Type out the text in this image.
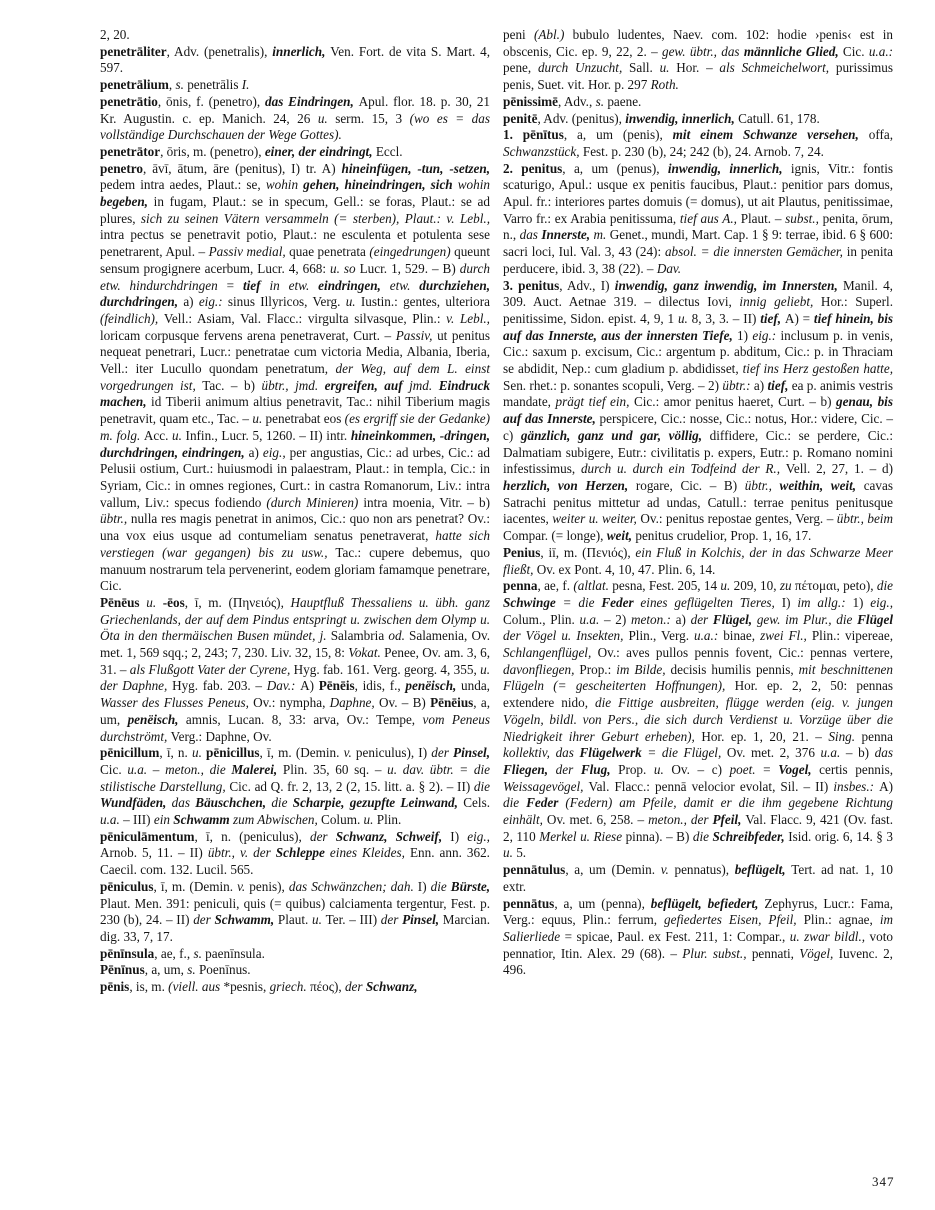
2, 20.

penetrāliter, Adv. (penetralis), innerlich, Ven. Fort. de vita S. Mart. 4, 597.

penetrālium, s. penetrālis I.

penetrātio, ōnis, f. (penetro), das Eindringen, Apul. flor. 18. p. 30, 21 Kr. Augustin. c. ep. Manich. 24, 26 u. serm. 15, 3 (wo es = das vollständige Durchschauen der Wege Gottes).

penetrātor, ōris, m. (penetro), einer, der eindringt, Eccl.

penetro, āvī, ātum, āre (penitus), I) tr. A) hineinfügen, -tun, -setzen, pedem intra aedes, Plaut.: se, wohin gehen, hineindringen, sich wohin begeben, in fugam, Plaut.: se in specum, Gell.: se foras, Plaut.: se ad plures, sich zu seinen Vätern versammeln (= sterben), Plaut.: v. Lebl., intra pectus se penetravit potio, Plaut.: ne esculenta et potulenta sese penetrarent, Apul. – Passiv medial, quae penetrata (eingedrungen) queunt sensum progignere acerbum, Lucr. 4, 668: u. so Lucr. 1, 529. – B) durch etw. hindurchdringen = tief in etw. eindringen, etw. durchziehen, durchdringen, a) eig.: sinus Illyricos, Verg. u. Iustin.: gentes, ulteriora (feindlich), Vell.: Asiam, Val. Flacc.: virgulta silvasque, Plin.: v. Lebl., loricam corpusque fervens arena penetraverat, Curt. – Passiv, ut penitus nequeat penetrari, Lucr.: penetratae cum victoria Media, Albania, Iberia, Vell.: iter Lucullo quondam penetratum, der Weg, auf dem L. einst vorgedrungen ist, Tac. – b) übtr., jmd. ergreifen, auf jmd. Eindruck machen, id Tiberii animum altius penetravit, Tac.: nihil Tiberium magis penetravit, quam etc., Tac. – u. penetrabat eos (es ergriff sie der Gedanke) m. folg. Acc. u. Infin., Lucr. 5, 1260. – II) intr. hineinkommen, -dringen, durchdringen, eindringen, a) eig., per angustias, Cic.: ad urbes, Cic.: ad Pelusii ostium, Curt.: huiusmodi in palaestram, Plaut.: in templa, Cic.: in Syriam, Cic.: in omnes regiones, Curt.: in castra Romanorum, Liv.: intra vallum, Liv.: specus fodiendo (durch Minieren) intra moenia, Vitr. – b) übtr., nulla res magis penetrat in animos, Cic.: quo non ars penetrat? Ov.: una vox eius usque ad contumeliam senatus penetraverat, hatte sich verstiegen (war gegangen) bis zu usw., Tac.: cupere debemus, quo manuum nostrarum tela pervenerint, eodem gloriam famamque penetrare, Cic.

Pēnēus u. -ēos, ī, m. (Πηνειός), Hauptfluß Thessaliens u. übh. ganz Griechenlands, der auf dem Pindus entspringt u. zwischen dem Olymp u. Öta in den thermäischen Busen mündet, j. Salambria od. Salamenia, Ov. met. 1, 569 sqq.; 2, 243; 7, 230. Liv. 32, 15, 8: Vokat. Penee, Ov. am. 3, 6, 31. – als Flußgott Vater der Cyrene, Hyg. fab. 161. Verg. georg. 4, 355, u. der Daphne, Hyg. fab. 203. – Dav.: A) Pēnēis, idis, f., penëisch, unda, Wasser des Flusses Peneus, Ov.: nympha, Daphne, Ov. – B) Pēnēius, a, um, penëisch, amnis, Lucan. 8, 33: arva, Ov.: Tempe, vom Peneus durchströmt, Verg.: Daphne, Ov.

pēnicillum, ī, n. u. pēnicillus, ī, m. (Demin. v. peniculus), I) der Pinsel, Cic. u.a. – meton., die Malerei, Plin. 35, 60 sq. – u. dav. übtr. = die stilistische Darstellung, Cic. ad Q. fr. 2, 13, 2 (2, 15. litt. a. § 2). – II) die Wundfäden, das Bäuschchen, die Scharpie, gezupfte Leinwand, Cels. u.a. – III) ein Schwamm zum Abwischen, Colum. u. Plin.

pēniculāmentum, ī, n. (peniculus), der Schwanz, Schweif, I) eig., Arnob. 5, 11. – II) übtr., v. der Schleppe eines Kleides, Enn. ann. 362. Caecil. com. 132. Lucil. 565.

pēniculus, ī, m. (Demin. v. penis), das Schwänzchen; dah. I) die Bürste, Plaut. Men. 391: peniculi, quis (= quibus) calciamenta tergentur, Fest. p. 230 (b), 24. – II) der Schwamm, Plaut. u. Ter. – III) der Pinsel, Marcian. dig. 33, 7, 17.

pēnīnsula, ae, f., s. paenīnsula.

Pēnīnus, a, um, s. Poenīnus.

pēnis, is, m. (viell. aus *pesnis, griech. πέος), der Schwanz,

peni (Abl.) bubulo ludentes, Naev. com. 102: hodie ›penis‹ est in obscenis, Cic. ep. 9, 22, 2. – gew. übtr., das männliche Glied, Cic. u.a.: pene, durch Unzucht, Sall. u. Hor. – als Schmeichelwort, purissimus penis, Suet. vit. Hor. p. 297 Roth.

pēnissimē, Adv., s. paene.

penitē, Adv. (penitus), inwendig, innerlich, Catull. 61, 178.

1. pēnītus, a, um (penis), mit einem Schwanze versehen, offa, Schwanzstück, Fest. p. 230 (b), 24; 242 (b), 24. Arnob. 7, 24.

2. penitus, a, um (penus), inwendig, innerlich, ignis, Vitr.: fontis scaturigo, Apul.: usque ex penitis faucibus, Plaut.: penitior pars domus, Apul. fr.: interiores partes domuis (= domus), ut ait Plautus, penitissimae, Varro fr.: ex Arabia penitissuma, tief aus A., Plaut. – subst., penita, ōrum, n., das Innerste, m. Genet., mundi, Mart. Cap. 1 § 9: terrae, ibid. 6 § 600: sacri loci, Iul. Val. 3, 43 (24): absol. = die innersten Gemächer, in penita perducere, ibid. 3, 38 (22). – Dav.

3. penitus, Adv., I) inwendig, ganz inwendig, im Innersten, Manil. 4, 309. Auct. Aetnae 319. – dilectus Iovi, innig geliebt, Hor.: Superl. penitissime, Sidon. epist. 4, 9, 1 u. 8, 3, 3. – II) tief, A) = tief hinein, bis auf das Innerste, aus der innersten Tiefe, 1) eig.: inclusum p. in venis, Cic.: saxum p. excisum, Cic.: argentum p. abditum, Cic.: p. in Thraciam se abdidit, Nep.: cum gladium p. abdidisset, tief ins Herz gestoßen hatte, Sen. rhet.: p. sonantes scopuli, Verg. – 2) übtr.: a) tief, ea p. animis vestris mandate, prägt tief ein, Cic.: amor penitus haeret, Curt. – b) genau, bis auf das Innerste, perspicere, Cic.: nosse, Cic.: notus, Hor.: videre, Cic. – c) gänzlich, ganz und gar, völlig, diffidere, Cic.: se perdere, Cic.: Dalmatiam subigere, Eutr.: civilitatis p. expers, Eutr.: p. Romano nomini infestissimus, durch u. durch ein Todfeind der R., Vell. 2, 27, 1. – d) herzlich, von Herzen, rogare, Cic. – B) übtr., weithin, weit, cavas Satrachi penitus mittetur ad undas, Catull.: terrae penitus penitusque iacentes, weiter u. weiter, Ov.: penitus repostae gentes, Verg. – übtr., beim Compar. (= longe), weit, penitus crudelior, Prop. 1, 16, 17.

Penius, iī, m. (Πενιός), ein Fluß in Kolchis, der in das Schwarze Meer fließt, Ov. ex Pont. 4, 10, 47. Plin. 6, 14.

penna, ae, f. (altlat. pesna, Fest. 205, 14 u. 209, 10, zu πέτομαι, peto), die Schwinge = die Feder eines geflügelten Tieres, I) im allg.: 1) eig., Colum., Plin. u.a. – 2) meton.: a) der Flügel, gew. im Plur., die Flügel der Vögel u. Insekten, Plin., Verg. u.a.: binae, zwei Fl., Plin.: vipereae, Schlangenflügel, Ov.: aves pullos pennis fovent, Cic.: pennas vertere, davonfliegen, Prop.: im Bilde, decisis humilis pennis, mit beschnittenen Flügeln (= gescheiterten Hoffnungen), Hor. ep. 2, 2, 50: pennas extendere nido, die Fittige ausbreiten, flügge werden (eig. v. jungen Vögeln, bildl. von Pers., die sich durch Verdienst u. Vorzüge über die Niedrigkeit ihrer Geburt erheben), Hor. ep. 1, 20, 21. – Sing. penna kollektiv, das Flügelwerk = die Flügel, Ov. met. 2, 376 u.a. – b) das Fliegen, der Flug, Prop. u. Ov. – c) poet. = Vogel, certis pennis, Weissagevögel, Val. Flacc.: pennā velocior evolat, Sil. – II) insbes.: A) die Feder (Federn) am Pfeile, damit er die ihm gegebene Richtung einhält, Ov. met. 6, 258. – meton., der Pfeil, Val. Flacc. 9, 421 (Ov. fast. 2, 110 Merkel u. Riese pinna). – B) die Schreibfeder, Isid. orig. 6, 14. § 3 u. 5.

pennātulus, a, um (Demin. v. pennatus), beflügelt, Tert. ad nat. 1, 10 extr.

pennātus, a, um (penna), beflügelt, befiedert, Zephyrus, Lucr.: Fama, Verg.: equus, Plin.: ferrum, gefiedertes Eisen, Pfeil, Plin.: agnae, im Salierliede = spicae, Paul. ex Fest. 211, 1: Compar., u. zwar bildl., voto pennatior, Itin. Alex. 29 (68). – Plur. subst., pennati, Vögel, Iuvenc. 2, 496.

347
